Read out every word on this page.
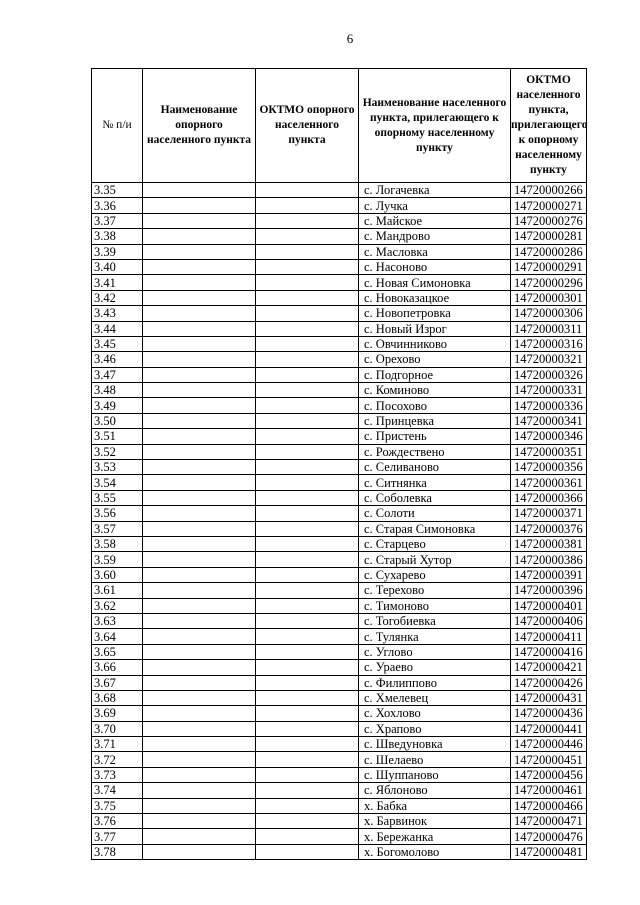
6
№ п/и	Наименование опорного населенного пункта	ОКТМО опорного населенного пункта	Наименование населенного пункта, прилегающего к опорному населенному пункту	ОКТМО населенного пункта, прилегающего к опорному населенному пункту
3.35			с. Логачевка	14720000266
3.36			с. Лучка	14720000271
3.37			с. Майское	14720000276
3.38			с. Мандрово	14720000281
3.39			с. Масловка	14720000286
3.40			с. Насоново	14720000291
3.41			с. Новая Симоновка	14720000296
3.42			с. Новоказацкое	14720000301
3.43			с. Новопетровка	14720000306
3.44			с. Новый Изрог	14720000311
3.45			с. Овчинниково	14720000316
3.46			с. Орехово	14720000321
3.47			с. Подгорное	14720000326
3.48			с. Коминово	14720000331
3.49			с. Посохово	14720000336
3.50			с. Принцевка	14720000341
3.51			с. Пристень	14720000346
3.52			с. Рождествено	14720000351
3.53			с. Селиваново	14720000356
3.54			с. Ситнянка	14720000361
3.55			с. Соболевка	14720000366
3.56			с. Солоти	14720000371
3.57			с. Старая Симоновка	14720000376
3.58			с. Старцево	14720000381
3.59			с. Старый Хутор	14720000386
3.60			с. Сухарево	14720000391
3.61			с. Терехово	14720000396
3.62			с. Тимоново	14720000401
3.63			с. Тогобиевка	14720000406
3.64			с. Тулянка	14720000411
3.65			с. Углово	14720000416
3.66			с. Ураево	14720000421
3.67			с. Филиппово	14720000426
3.68			с. Хмелевец	14720000431
3.69			с. Хохлово	14720000436
3.70			с. Храпово	14720000441
3.71			с. Шведуновка	14720000446
3.72			с. Шелаево	14720000451
3.73			с. Шуппаново	14720000456
3.74			с. Яблоново	14720000461
3.75			х. Бабка	14720000466
3.76			х. Барвинок	14720000471
3.77			х. Бережанка	14720000476
3.78			х. Богомолово	14720000481
